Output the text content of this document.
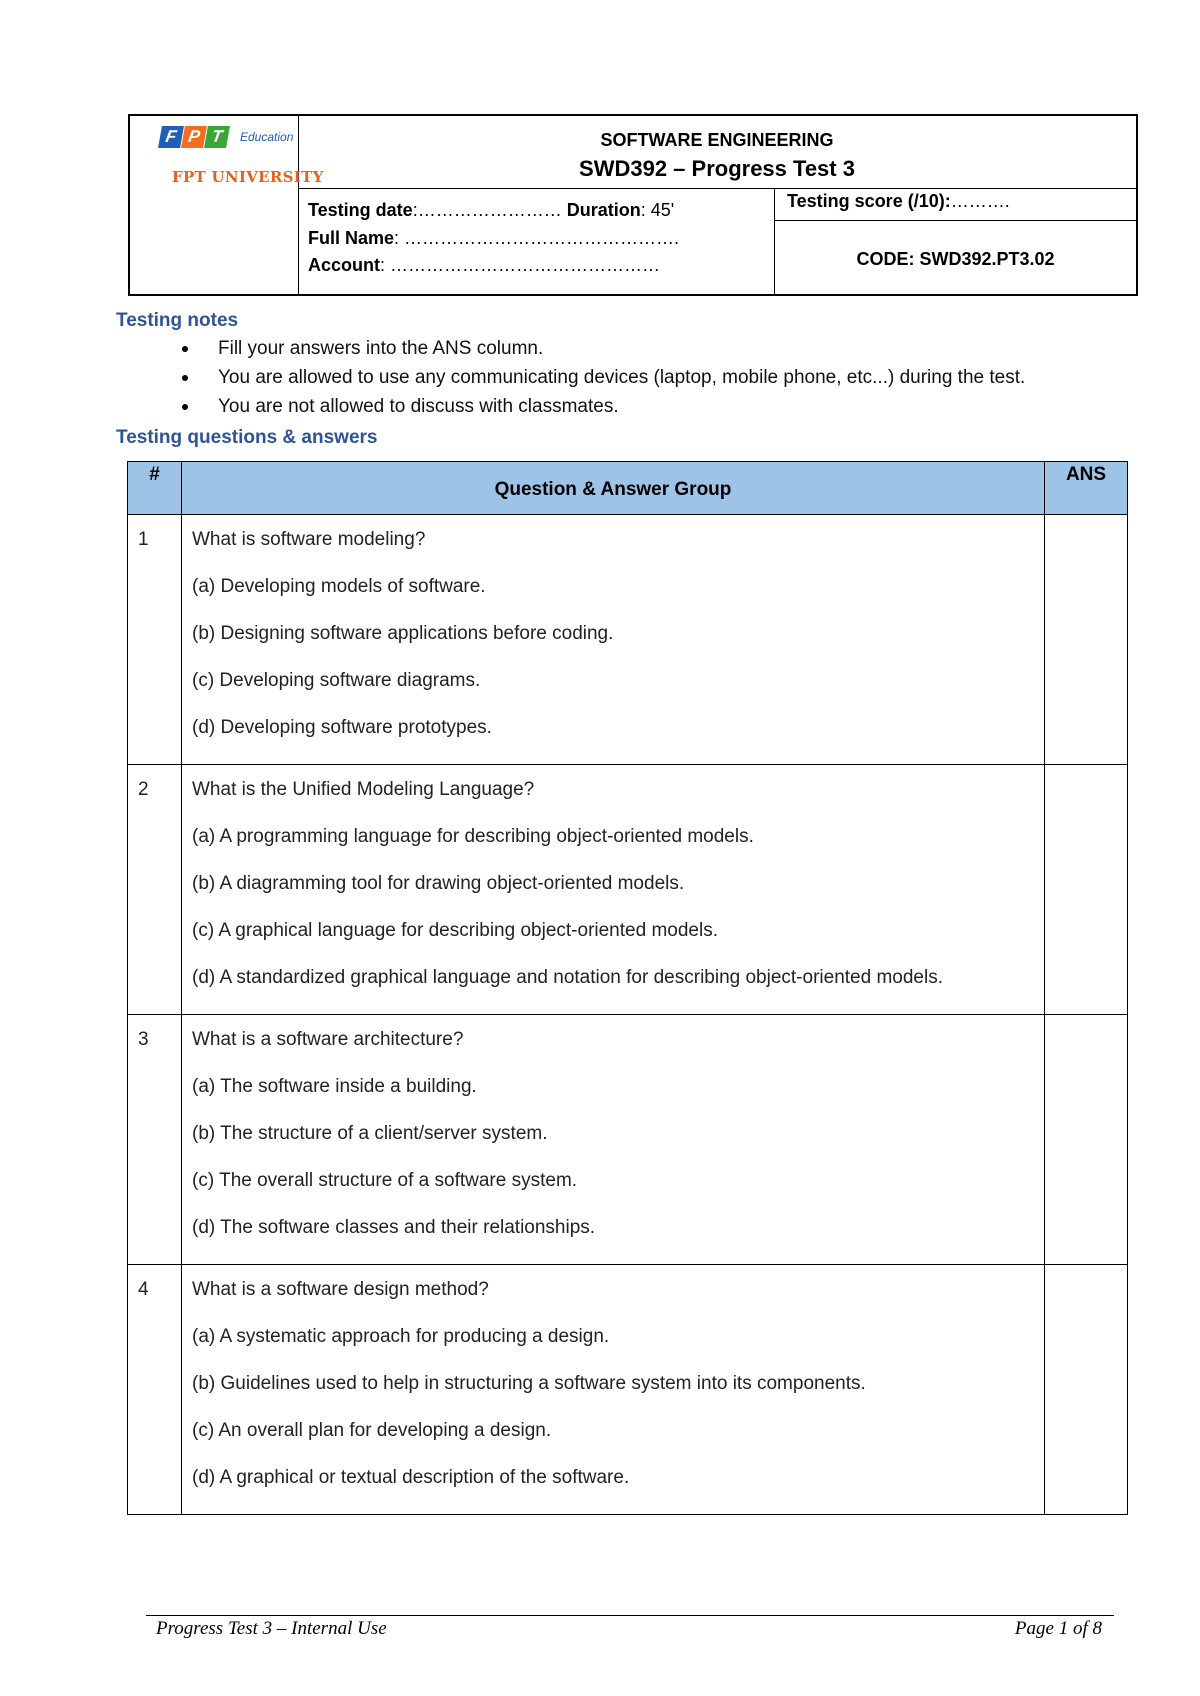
F P T Education
FPT UNIVERSITY
SOFTWARE ENGINEERING
SWD392 – Progress Test 3
Testing date:…………………… Duration: 45'
Full Name: ……………………………………….
Account: ………………………………………
Testing score (/10):……….
CODE: SWD392.PT3.02
Testing notes
Fill your answers into the ANS column.
You are allowed to use any communicating devices (laptop, mobile phone, etc...) during the test.
You are not allowed to discuss with classmates.
Testing questions & answers
#	Question & Answer Group	ANS
1	What is software modeling?
(a) Developing models of software.
(b) Designing software applications before coding.
(c) Developing software diagrams.
(d) Developing software prototypes.	

2	What is the Unified Modeling Language?
(a) A programming language for describing object-oriented models.
(b) A diagramming tool for drawing object-oriented models.
(c) A graphical language for describing object-oriented models.
(d) A standardized graphical language and notation for describing object-oriented models.	

3	What is a software architecture?
(a) The software inside a building.
(b) The structure of a client/server system.
(c) The overall structure of a software system.
(d) The software classes and their relationships.	

4	What is a software design method?
(a) A systematic approach for producing a design.
(b) Guidelines used to help in structuring a software system into its components.
(c) An overall plan for developing a design.
(d) A graphical or textual description of the software.	

Progress Test 3 – Internal Use	Page 1 of 8
